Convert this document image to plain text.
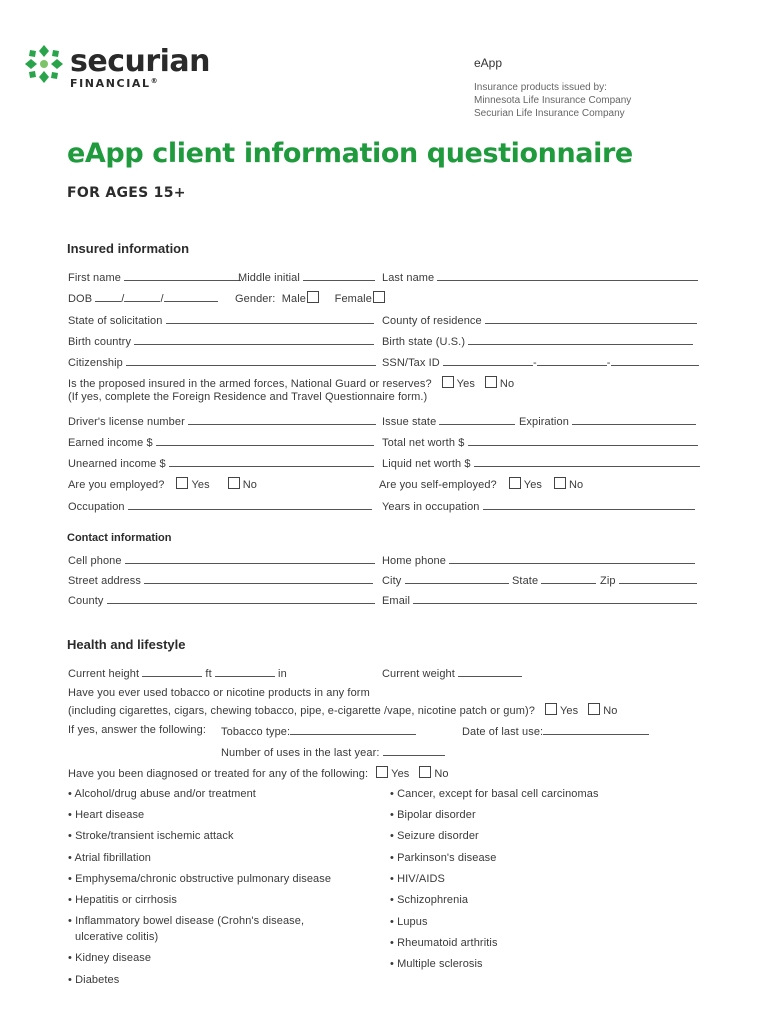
securian
FINANCIAL®
eApp
Insurance products issued by:
Minnesota Life Insurance Company
Securian Life Insurance Company
eApp client information questionnaire
FOR AGES 15+
Insured information
First name	Middle initial	Last name
DOB	/	/	Gender: Male	Female
State of solicitation	County of residence
Birth country	Birth state (U.S.)
Citizenship	SSN/Tax ID	-	-
Is the proposed insured in the armed forces, National Guard or reserves? Yes No
(If yes, complete the Foreign Residence and Travel Questionnaire form.)
Driver's license number	Issue state	Expiration
Earned income $	Total net worth $
Unearned income $	Liquid net worth $
Are you employed? Yes	No	Are you self-employed? Yes No
Occupation	Years in occupation
Contact information
Cell phone	Home phone
Street address	City	State	Zip
County	Email
Health and lifestyle
Current height	ft	in	Current weight
Have you ever used tobacco or nicotine products in any form
(including cigarettes, cigars, chewing tobacco, pipe, e-cigarette /vape, nicotine patch or gum)? Yes No
If yes, answer the following: Tobacco type:	Date of last use:
Number of uses in the last year:
Have you been diagnosed or treated for any of the following: Yes No
• Alcohol/drug abuse and/or treatment
• Heart disease
• Stroke/transient ischemic attack
• Atrial fibrillation
• Emphysema/chronic obstructive pulmonary disease
• Hepatitis or cirrhosis
• Inflammatory bowel disease (Crohn's disease,
ulcerative colitis)
• Kidney disease
• Diabetes
• Cancer, except for basal cell carcinomas
• Bipolar disorder
• Seizure disorder
• Parkinson's disease
• HIV/AIDS
• Schizophrenia
• Lupus
• Rheumatoid arthritis
• Multiple sclerosis
